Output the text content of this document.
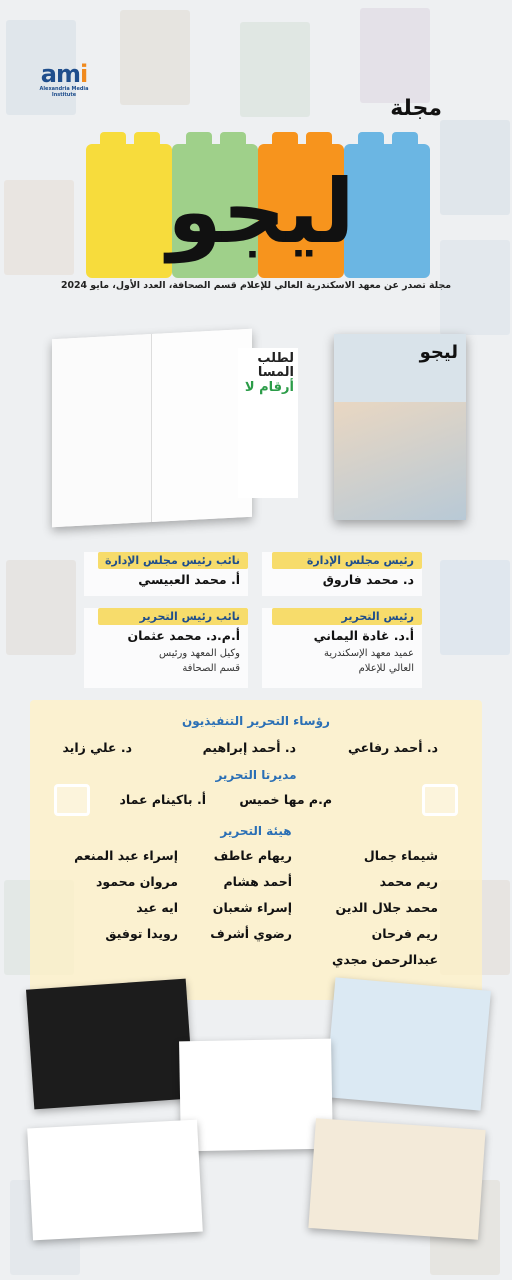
ami
Alexandria Media Institute
مجلة
ليجو
مجلة تصدر عن معهد الاسكندرية العالي للإعلام قسم الصحافة، العدد الأول، مايو 2024
لطلب
المسا
أرقام لا
ليجو
رئيس مجلس الإدارة
د. محمد فاروق
نائب رئيس مجلس الإدارة
أ. محمد العبيسي
رئيس التحرير
أ.د. غادة اليماني
عميد معهد الإسكندرية
العالي للإعلام
نائب رئيس التحرير
أ.م.د. محمد عثمان
وكيل المعهد ورئيس
قسم الصحافة
رؤساء التحرير التنفيذيون
د. أحمد رفاعي
د. أحمد إبراهيم
د. علي زايد
مديرتا التحرير
م.م مها خميس
أ. باكينام عماد
هيئة التحرير
شيماء جمال
ريهام عاطف
إسراء عبد المنعم
ريم محمد
أحمد هشام
مروان محمود
محمد جلال الدين
إسراء شعبان
ايه عيد
ريم فرحان
رضوي أشرف
رويدا توفيق
عبدالرحمن مجدي
